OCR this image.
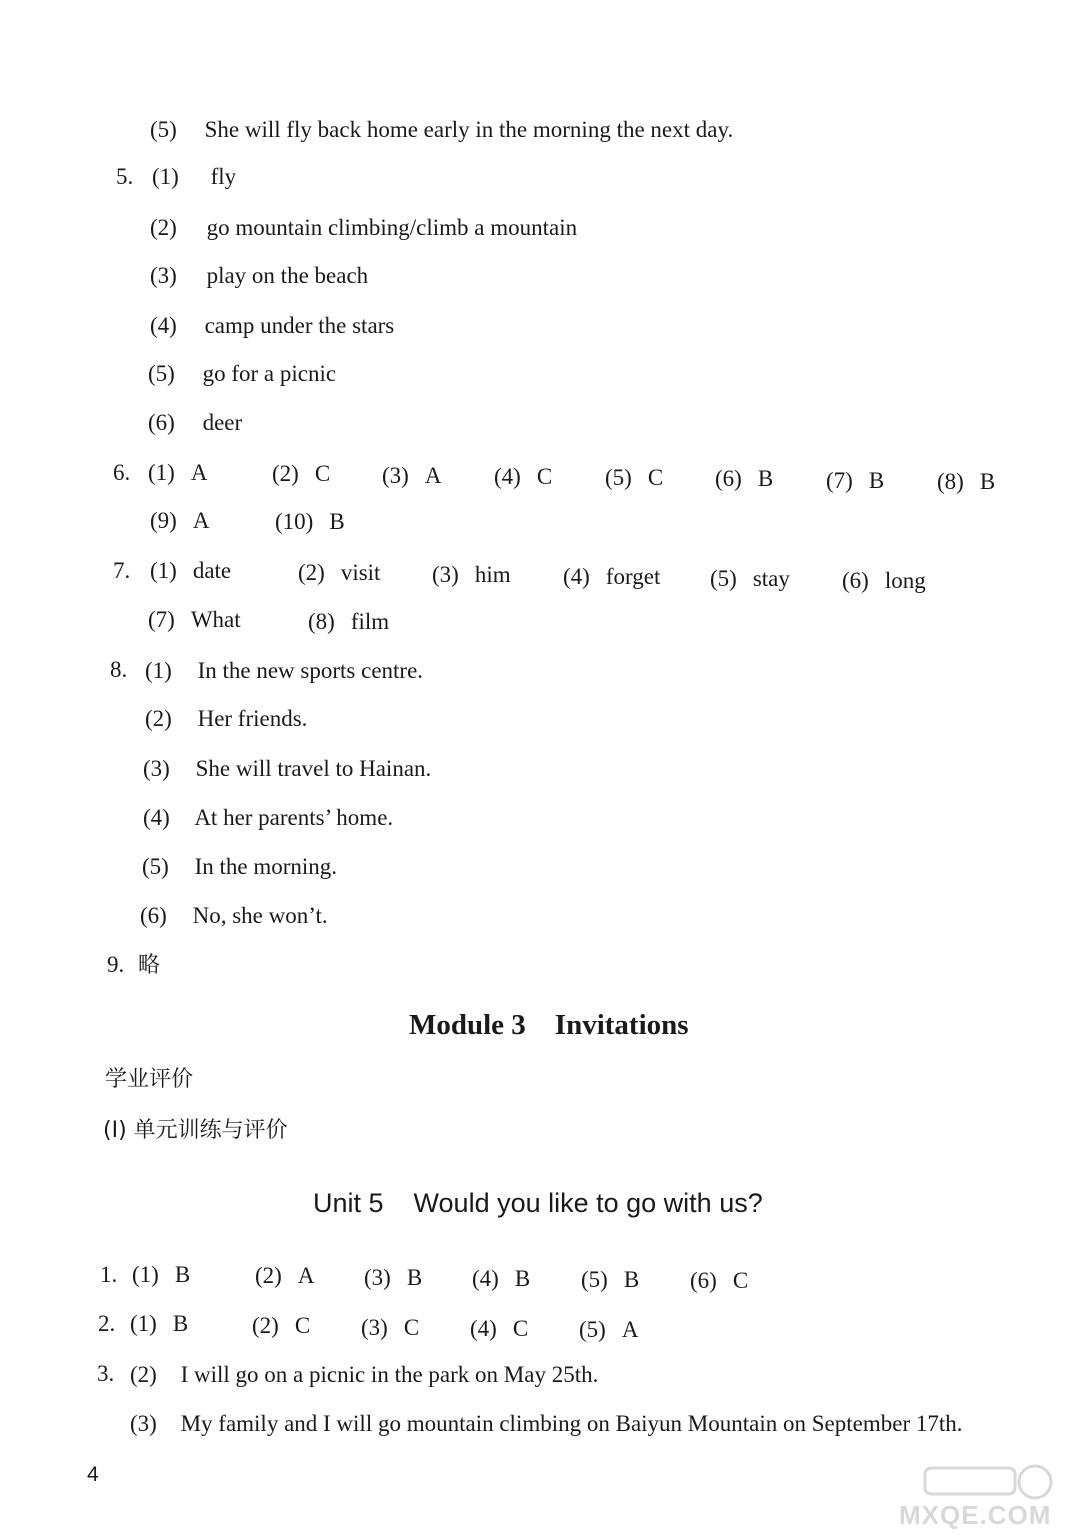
(5) She will fly back home early in the morning the next day.
5. (1) fly
(2) go mountain climbing/climb a mountain
(3) play on the beach
(4) camp under the stars
(5) go for a picnic
(6) deer
6. (1) A	(2) C (3) A (4) C (5) C (6) B (7) B (8) B
(9) A	(10) B
7. (1) date	(2) visit (3) him (4) forget (5) stay (6) long
(7) What	(8) film
8. (1) In the new sports centre.
(2) Her friends.
(3) She will travel to Hainan.
(4) At her parents’ home.
(5) In the morning.
(6) No, she won’t.
9. 略
Module 3    Invitations
学业评价
(Ⅰ) 单元训练与评价
Unit 5    Would you like to go with us?
1. (1) B	(2) A (3) B (4) B (5) B (6) C
2. (1) B	(2) C (3) C (4) C (5) A
3. (2) I will go on a picnic in the park on May 25th.
(3) My family and I will go mountain climbing on Baiyun Mountain on September 17th.
4
MXQE.COM
